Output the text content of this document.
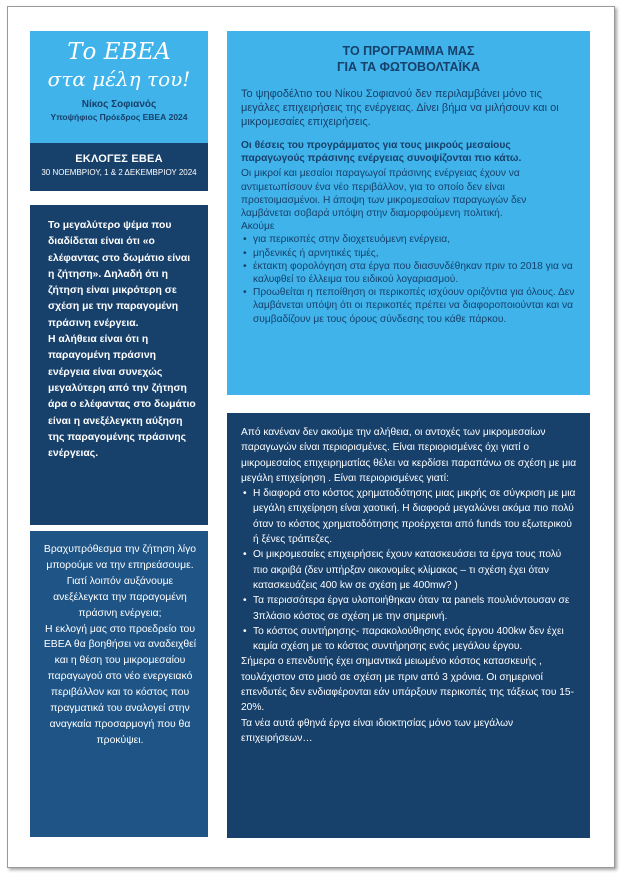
Το ΕΒΕΑ
στα μέλη του!
Νίκος Σοφιανός
Υποψήφιος Πρόεδρος ΕΒΕΑ 2024
ΕΚΛΟΓΕΣ ΕΒΕΑ
30 ΝΟΕΜΒΡΙΟΥ, 1 & 2 ΔΕΚΕΜΒΡΙΟΥ 2024
Το μεγαλύτερο ψέμα που διαδίδεται είναι ότι «ο ελέφαντας στο δωμάτιο είναι η ζήτηση». Δηλαδή ότι η ζήτηση είναι μικρότερη σε σχέση με την παραγομένη πράσινη ενέργεια.
Η αλήθεια είναι ότι η παραγομένη πράσινη ενέργεια είναι συνεχώς μεγαλύτερη από την ζήτηση άρα ο ελέφαντας στο δωμάτιο είναι η ανεξέλεγκτη αύξηση της παραγομένης πράσινης ενέργειας.
Βραχυπρόθεσμα την ζήτηση λίγο μπορούμε να την επηρεάσουμε. Γιατί λοιπόν αυξάνουμε ανεξέλεγκτα την παραγομένη πράσινη ενέργεια;
Η εκλογή μας στο προεδρείο του ΕΒΕΑ θα βοηθήσει να αναδειχθεί και η θέση του μικρομεσαίου παραγωγού στο νέο ενεργειακό περιβάλλον και το κόστος που πραγματικά του αναλογεί στην αναγκαία προσαρμογή που θα προκύψει.
ΤΟ ΠΡΟΓΡΑΜΜΑ ΜΑΣ
ΓΙΑ ΤΑ ΦΩΤΟΒΟΛΤΑΪΚΑ
Το ψηφοδέλτιο του Νίκου Σοφιανού δεν περιλαμβάνει μόνο τις μεγάλες επιχειρήσεις της ενέργειας. Δίνει βήμα να μιλήσουν και οι μικρομεσαίες επιχειρήσεις.
Οι θέσεις του προγράμματος για τους μικρούς μεσαίους παραγωγούς πράσινης ενέργειας συνοψίζονται πιο κάτω.
Οι μικροί και μεσαίοι παραγωγοί πράσινης ενέργειας έχουν να αντιμετωπίσουν ένα νέο περιβάλλον, για το οποίο δεν είναι προετοιμασμένοι. Η άποψη των μικρομεσαίων παραγωγών δεν λαμβάνεται σοβαρά υπόψη στην διαμορφούμενη πολιτική.
Ακούμε
• για περικοπές στην διοχετευόμενη ενέργεια,
• μηδενικές ή αρνητικές τιμές,
• έκτακτη φορολόγηση στα έργα που διασυνδέθηκαν πριν το 2018 για να καλυφθεί το έλλειμα του ειδικού λογαριασμού.
• Προωθείται η πεποίθηση οι περικοπές ισχύουν οριζόντια για όλους. Δεν λαμβάνεται υπόψη ότι οι περικοπές πρέπει να διαφοροποιούνται και να συμβαδίζουν με τους όρους σύνδεσης του κάθε πάρκου.
Από κανέναν δεν ακούμε την αλήθεια, οι αντοχές των μικρομεσαίων παραγωγών είναι περιορισμένες. Είναι περιορισμένες όχι γιατί ο μικρομεσαίος επιχειρηματίας θέλει να κερδίσει παραπάνω σε σχέση με μια μεγάλη επιχείρηση . Είναι περιορισμένες γιατί:
• Η διαφορά στο κόστος χρηματοδότησης μιας μικρής σε σύγκριση με μια μεγάλη επιχείρηση είναι χαοτική. Η διαφορά μεγαλώνει ακόμα πιο πολύ όταν το κόστος χρηματοδότησης προέρχεται από funds του εξωτερικού ή ξένες τράπεζες.
• Οι μικρομεσαίες επιχειρήσεις έχουν κατασκευάσει τα έργα τους πολύ πιο ακριβά (δεν υπήρξαν οικονομίες κλίμακος – τι σχέση έχει όταν κατασκευάζεις 400 kw σε σχέση με 400mw? )
• Τα περισσότερα έργα υλοποιήθηκαν όταν τα panels πουλιόντουσαν σε 3πλάσιο κόστος σε σχέση με την σημερινή.
• Το κόστος συντήρησης- παρακολούθησης ενός έργου 400kw δεν έχει καμία σχέση με το κόστος συντήρησης ενός μεγάλου έργου.
Σήμερα ο επενδυτής έχει σημαντικά μειωμένο κόστος κατασκευής , τουλάχιστον στο μισό σε σχέση με πριν από 3 χρόνια. Οι σημερινοί επενδυτές δεν ενδιαφέρονται εάν υπάρξουν περικοπές της τάξεως του 15-20%.
Τα νέα αυτά φθηνά έργα είναι ιδιοκτησίας μόνο των μεγάλων επιχειρήσεων…
